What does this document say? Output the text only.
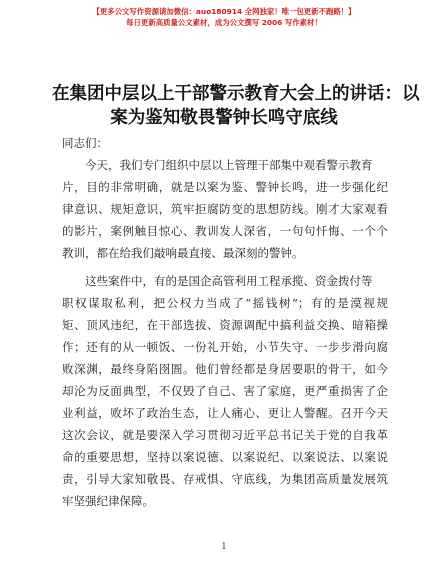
【更多公文写作资源请加微信：auo180914 全网独家！唯一包更新不跑路！】
每日更新高质量公文素材，成为公文撰写 2006 写作素材！
在集团中层以上干部警示教育大会上的讲话：以
案为鉴知敬畏警钟长鸣守底线
同志们：
今天，我们专门组织中层以上管理干部集中观看警示教育
片，目的非常明确，就是以案为鉴、警钟长鸣，进一步强化纪
律意识、规矩意识，筑牢拒腐防变的思想防线。刚才大家观看
的影片，案例触目惊心、教训发人深省，一句句忏悔、一个个
教训，都在给我们敲响最直接、最深刻的警钟。
这些案件中，有的是国企高管利用工程承揽、资金拨付等
职权谋取私利，把公权力当成了“摇钱树”；有的是漠视规
矩、顶风违纪，在干部选拔、资源调配中搞利益交换、暗箱操
作；还有的从一顿饭、一份礼开始，小节失守、一步步滑向腐
败深渊，最终身陷囹圄。他们曾经都是身居要职的骨干，如今
却沦为反面典型，不仅毁了自己、害了家庭，更严重损害了企
业利益，败坏了政治生态，让人痛心、更让人警醒。召开今天
这次会议，就是要深入学习贯彻习近平总书记关于党的自我革
命的重要思想，坚持以案说德、以案说纪、以案说法、以案说
责，引导大家知敬畏、存戒惧、守底线，为集团高质量发展筑
牢坚强纪律保障。
1
